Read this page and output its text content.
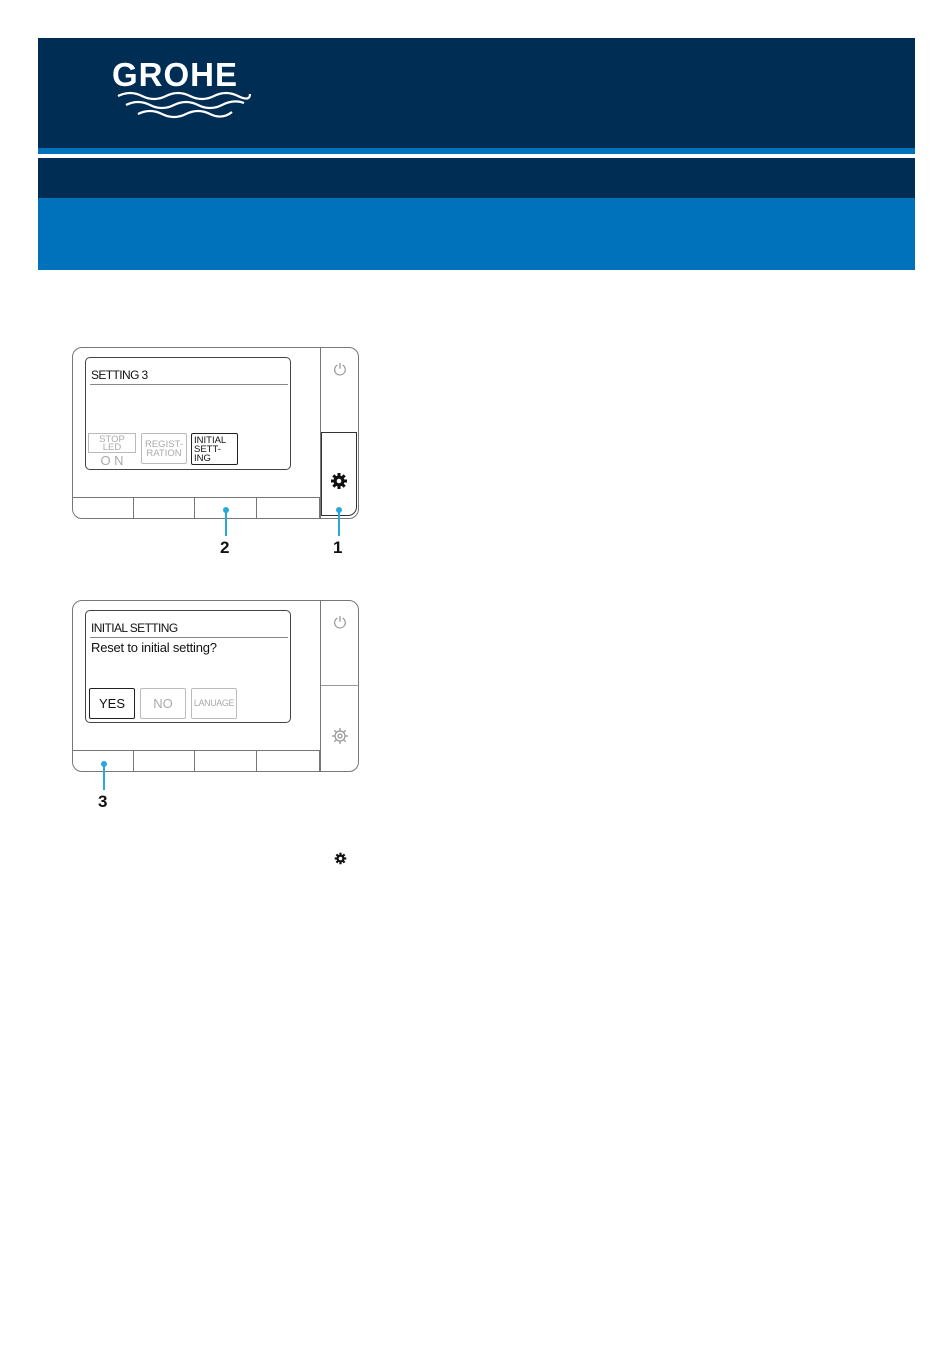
GROHE
SETTING 3
STOP
LED
O N
REGIST-
RATION
INITIAL
SETT-
ING
⏻
2	1
INITIAL SETTING
Reset to initial setting?
YES	NO	LANUAGE
⏻
3
